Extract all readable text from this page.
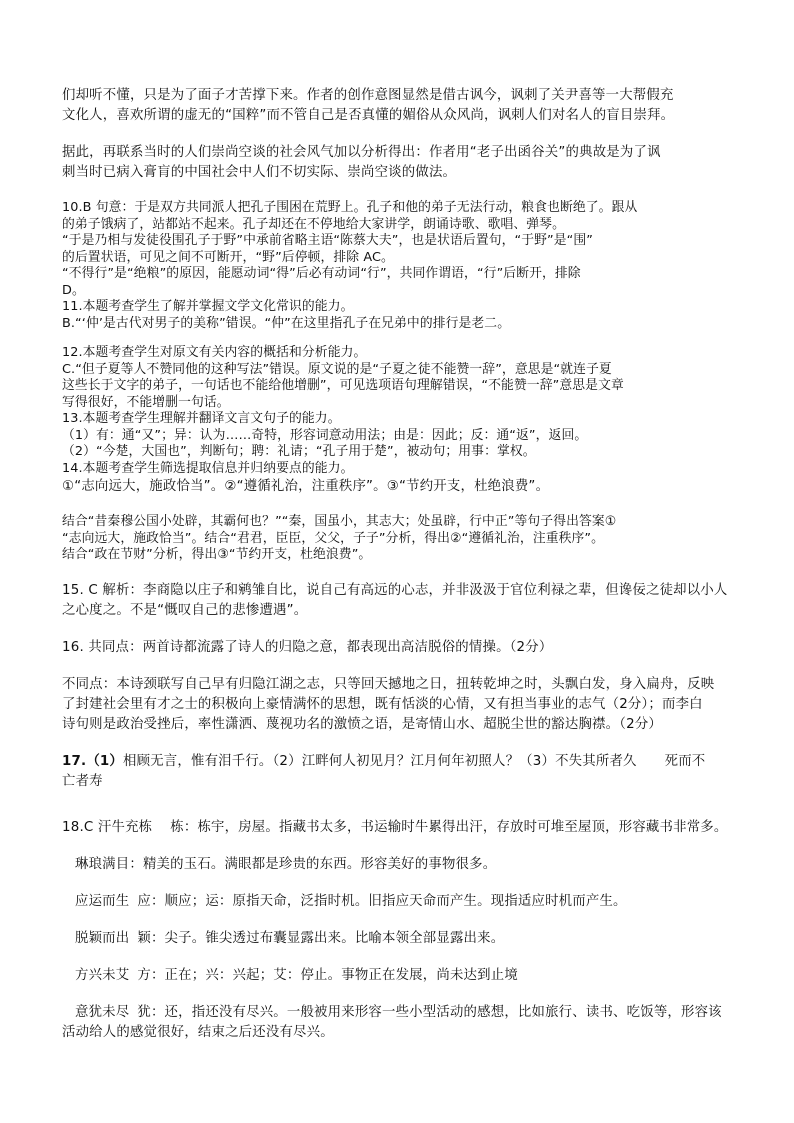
们却听不懂，只是为了面子才苦撑下来。作者的创作意图显然是借古讽今，讽刺了关尹喜等一大帮假充

文化人，喜欢所谓的虚无的“国粹”而不管自己是否真懂的媚俗从众风尚，讽刺人们对名人的盲目崇拜。

据此，再联系当时的人们崇尚空谈的社会风气加以分析得出：作者用“老子出函谷关”的典故是为了讽

刺当时已病入膏肓的中国社会中人们不切实际、崇尚空谈的做法。

10.B 句意：于是双方共同派人把孔子围困在荒野上。孔子和他的弟子无法行动，粮食也断绝了。跟从

的弟子饿病了，站都站不起来。孔子却还在不停地给大家讲学，朗诵诗歌、歌唱、弹琴。

“于是乃相与发徒役围孔子于野”中承前省略主语“陈蔡大夫”，也是状语后置句，“于野”是“围”

的后置状语，可见之间不可断开，“野”后停顿，排除 AC。

“不得行”是“绝粮”的原因，能愿动词“得”后必有动词“行”，共同作谓语，“行”后断开，排除

D。

11.本题考查学生了解并掌握文学文化常识的能力。

B.“‘仲’是古代对男子的美称”错误。“仲”在这里指孔子在兄弟中的排行是老二。

12.本题考查学生对原文有关内容的概括和分析能力。

C.“但子夏等人不赞同他的这种写法”错误。原文说的是“子夏之徒不能赞一辞”，意思是“就连子夏

这些长于文字的弟子，一句话也不能给他增删”，可见选项语句理解错误，“不能赞一辞”意思是文章

写得很好，不能增删一句话。

13.本题考查学生理解并翻译文言文句子的能力。

（1）有：通“又”；异：认为……奇特，形容词意动用法；由是：因此；反：通“返”，返回。

（2）“今楚，大国也”，判断句；聘：礼请；“孔子用于楚”，被动句；用事：掌权。

14.本题考查学生筛选提取信息并归纳要点的能力。

①“志向远大，施政恰当”。②“遵循礼治，注重秩序”。③“节约开支，杜绝浪费”。

结合“昔秦穆公国小处辟，其霸何也？”“秦，国虽小，其志大；处虽辟，行中正”等句子得出答案①

“志向远大，施政恰当”。结合“君君，臣臣，父父，子子”分析，得出②“遵循礼治，注重秩序”。

结合“政在节财”分析，得出③“节约开支，杜绝浪费”。

15. C 解析：李商隐以庄子和鹓雏自比，说自己有高远的心志，并非汲汲于官位利禄之辈，但谗佞之徒却以小人

之心度之。不是“慨叹自己的悲惨遭遇”。

16. 共同点：两首诗都流露了诗人的归隐之意，都表现出高洁脱俗的情操。（2分）

不同点：本诗颈联写自己早有归隐江湖之志，只等回天撼地之日，扭转乾坤之时，头飘白发，身入扁舟，反映

了封建社会里有才之士的积极向上豪情满怀的思想，既有恬淡的心情，又有担当事业的志气（2分）；而李白

诗句则是政治受挫后，率性潇洒、蔑视功名的激愤之语，是寄情山水、超脱尘世的豁达胸襟。（2分）

17.（1）相顾无言，惟有泪千行。（2）江畔何人初见月？江月何年初照人？（3）不失其所者久 死而不

亡者寿

18.C 汗牛充栋 栋：栋宇，房屋。指藏书太多，书运输时牛累得出汗，存放时可堆至屋顶，形容藏书非常多。

琳琅满目：精美的玉石。满眼都是珍贵的东西。形容美好的事物很多。

应运而生 应：顺应；运：原指天命，泛指时机。旧指应天命而产生。现指适应时机而产生。

脱颖而出 颖：尖子。锥尖透过布囊显露出来。比喻本领全部显露出来。

方兴未艾 方：正在；兴：兴起；艾：停止。事物正在发展，尚未达到止境

意犹未尽 犹：还，指还没有尽兴。一般被用来形容一些小型活动的感想，比如旅行、读书、吃饭等，形容该

活动给人的感觉很好，结束之后还没有尽兴。
